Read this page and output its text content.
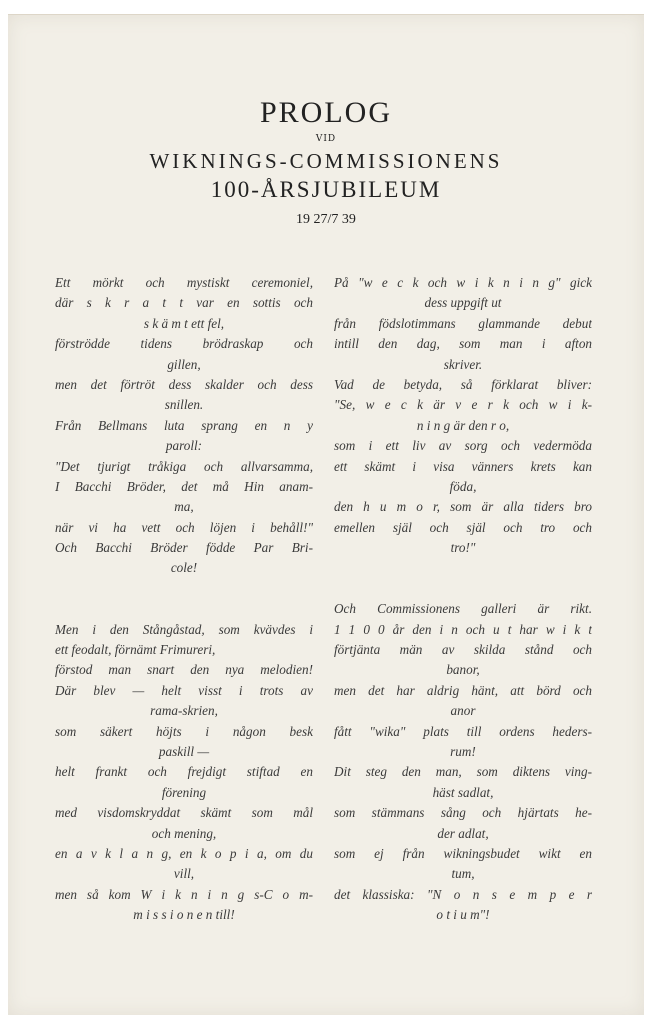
PROLOG
VID
WIKNINGS-COMMISSIONENS
100-ÅRSJUBILEUM
19 27/7 39
Ett mörkt och mystiskt ceremoniel,
där s k r a t t var en sottis och
s k ä m t ett fel,
förströdde tidens brödraskap och
gillen,
men det förtröt dess skalder och dess
snillen.
Från Bellmans luta sprang en n y
paroll:
"Det tjurigt tråkiga och allvarsamma,
I Bacchi Bröder, det må Hin anam-
ma,
när vi ha vett och löjen i behåll!"
Och Bacchi Bröder födde Par Bri-
cole!
Men i den Stångåstad, som kvävdes i
ett feodalt, förnämt Frimureri,
förstod man snart den nya melodien!
Där blev — helt visst i trots av
rama-skrien,
som säkert höjts i någon besk
paskill —
helt frankt och frejdigt stiftad en
förening
med visdomskryddat skämt som mål
och mening,
en a v k l a n g, en k o p i a, om du
vill,
men så kom W i k n i n g s-C o m-
m i s s i o n e n till!
På "w e c k och w i k n i n g" gick
dess uppgift ut
från födslotimmans glammande debut
intill den dag, som man i afton
skriver.
Vad de betyda, så förklarat bliver:
"Se, w e c k är v e r k och w i k-
n i n g är den r o,
som i ett liv av sorg och vedermöda
ett skämt i visa vänners krets kan
föda,
den h u m o r, som är alla tiders bro
emellen själ och själ och tro och
tro!"
Och Commissionens galleri är rikt.
1 1 0 0 år den i n och u t har w i k t
förtjänta män av skilda stånd och
banor,
men det har aldrig hänt, att börd och
anor
fått "wika" plats till ordens heders-
rum!
Dit steg den man, som diktens ving-
häst sadlat,
som stämmans sång och hjärtats he-
der adlat,
som ej från wikningsbudet wikt en
tum,
det klassiska: "N o n s e m p e r
o t i u m"!
